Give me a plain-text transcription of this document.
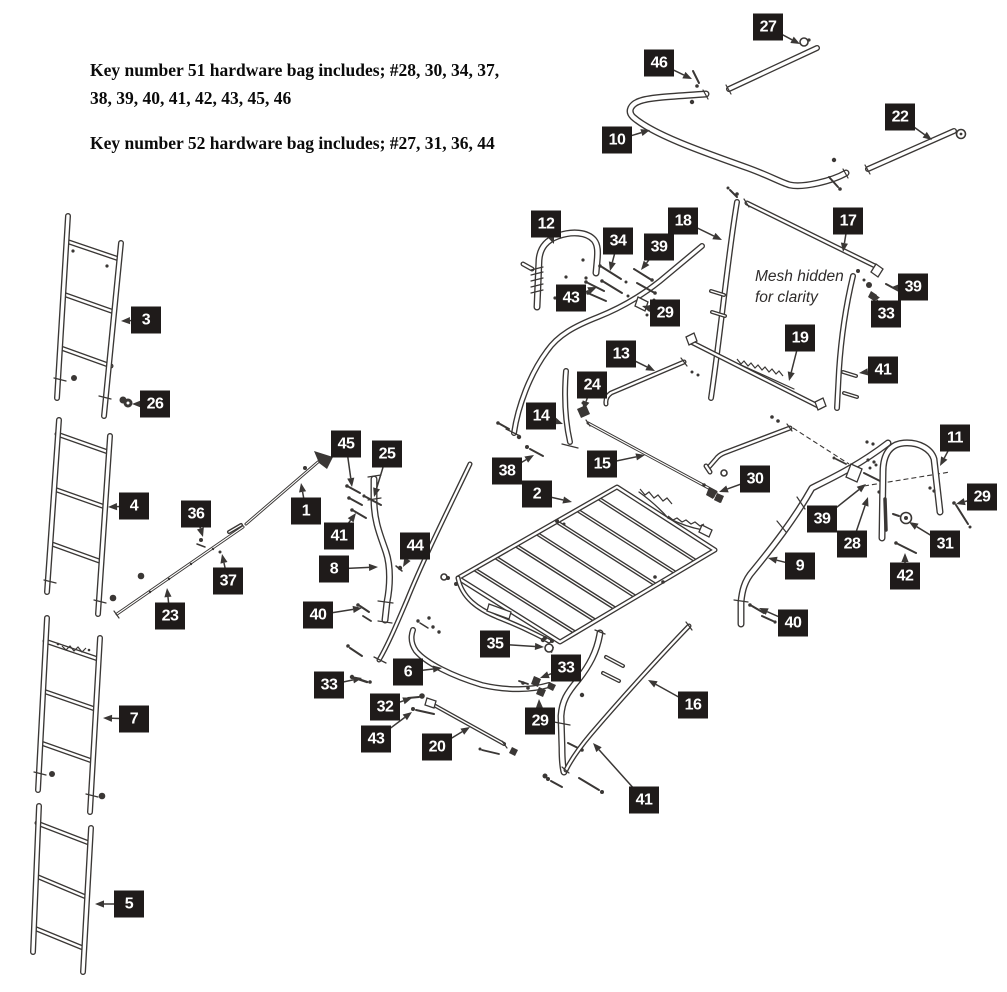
27
46
22
10
12
34	39
18	17
43
29
39
33
19
13
41
3
26
24
14
45
25
38	15
30
11
4	36	1
41
29
2
39
28	31
37
44
8	9
42
23	40	40
35
33
33
6
32
29
16
43	20
7
41
5

Key number 51 hardware bag includes; #28, 30, 34, 37,
38, 39, 40, 41, 42, 43, 45, 46

Key number 52 hardware bag includes; #27, 31, 36, 44

Mesh hidden
for clarity
